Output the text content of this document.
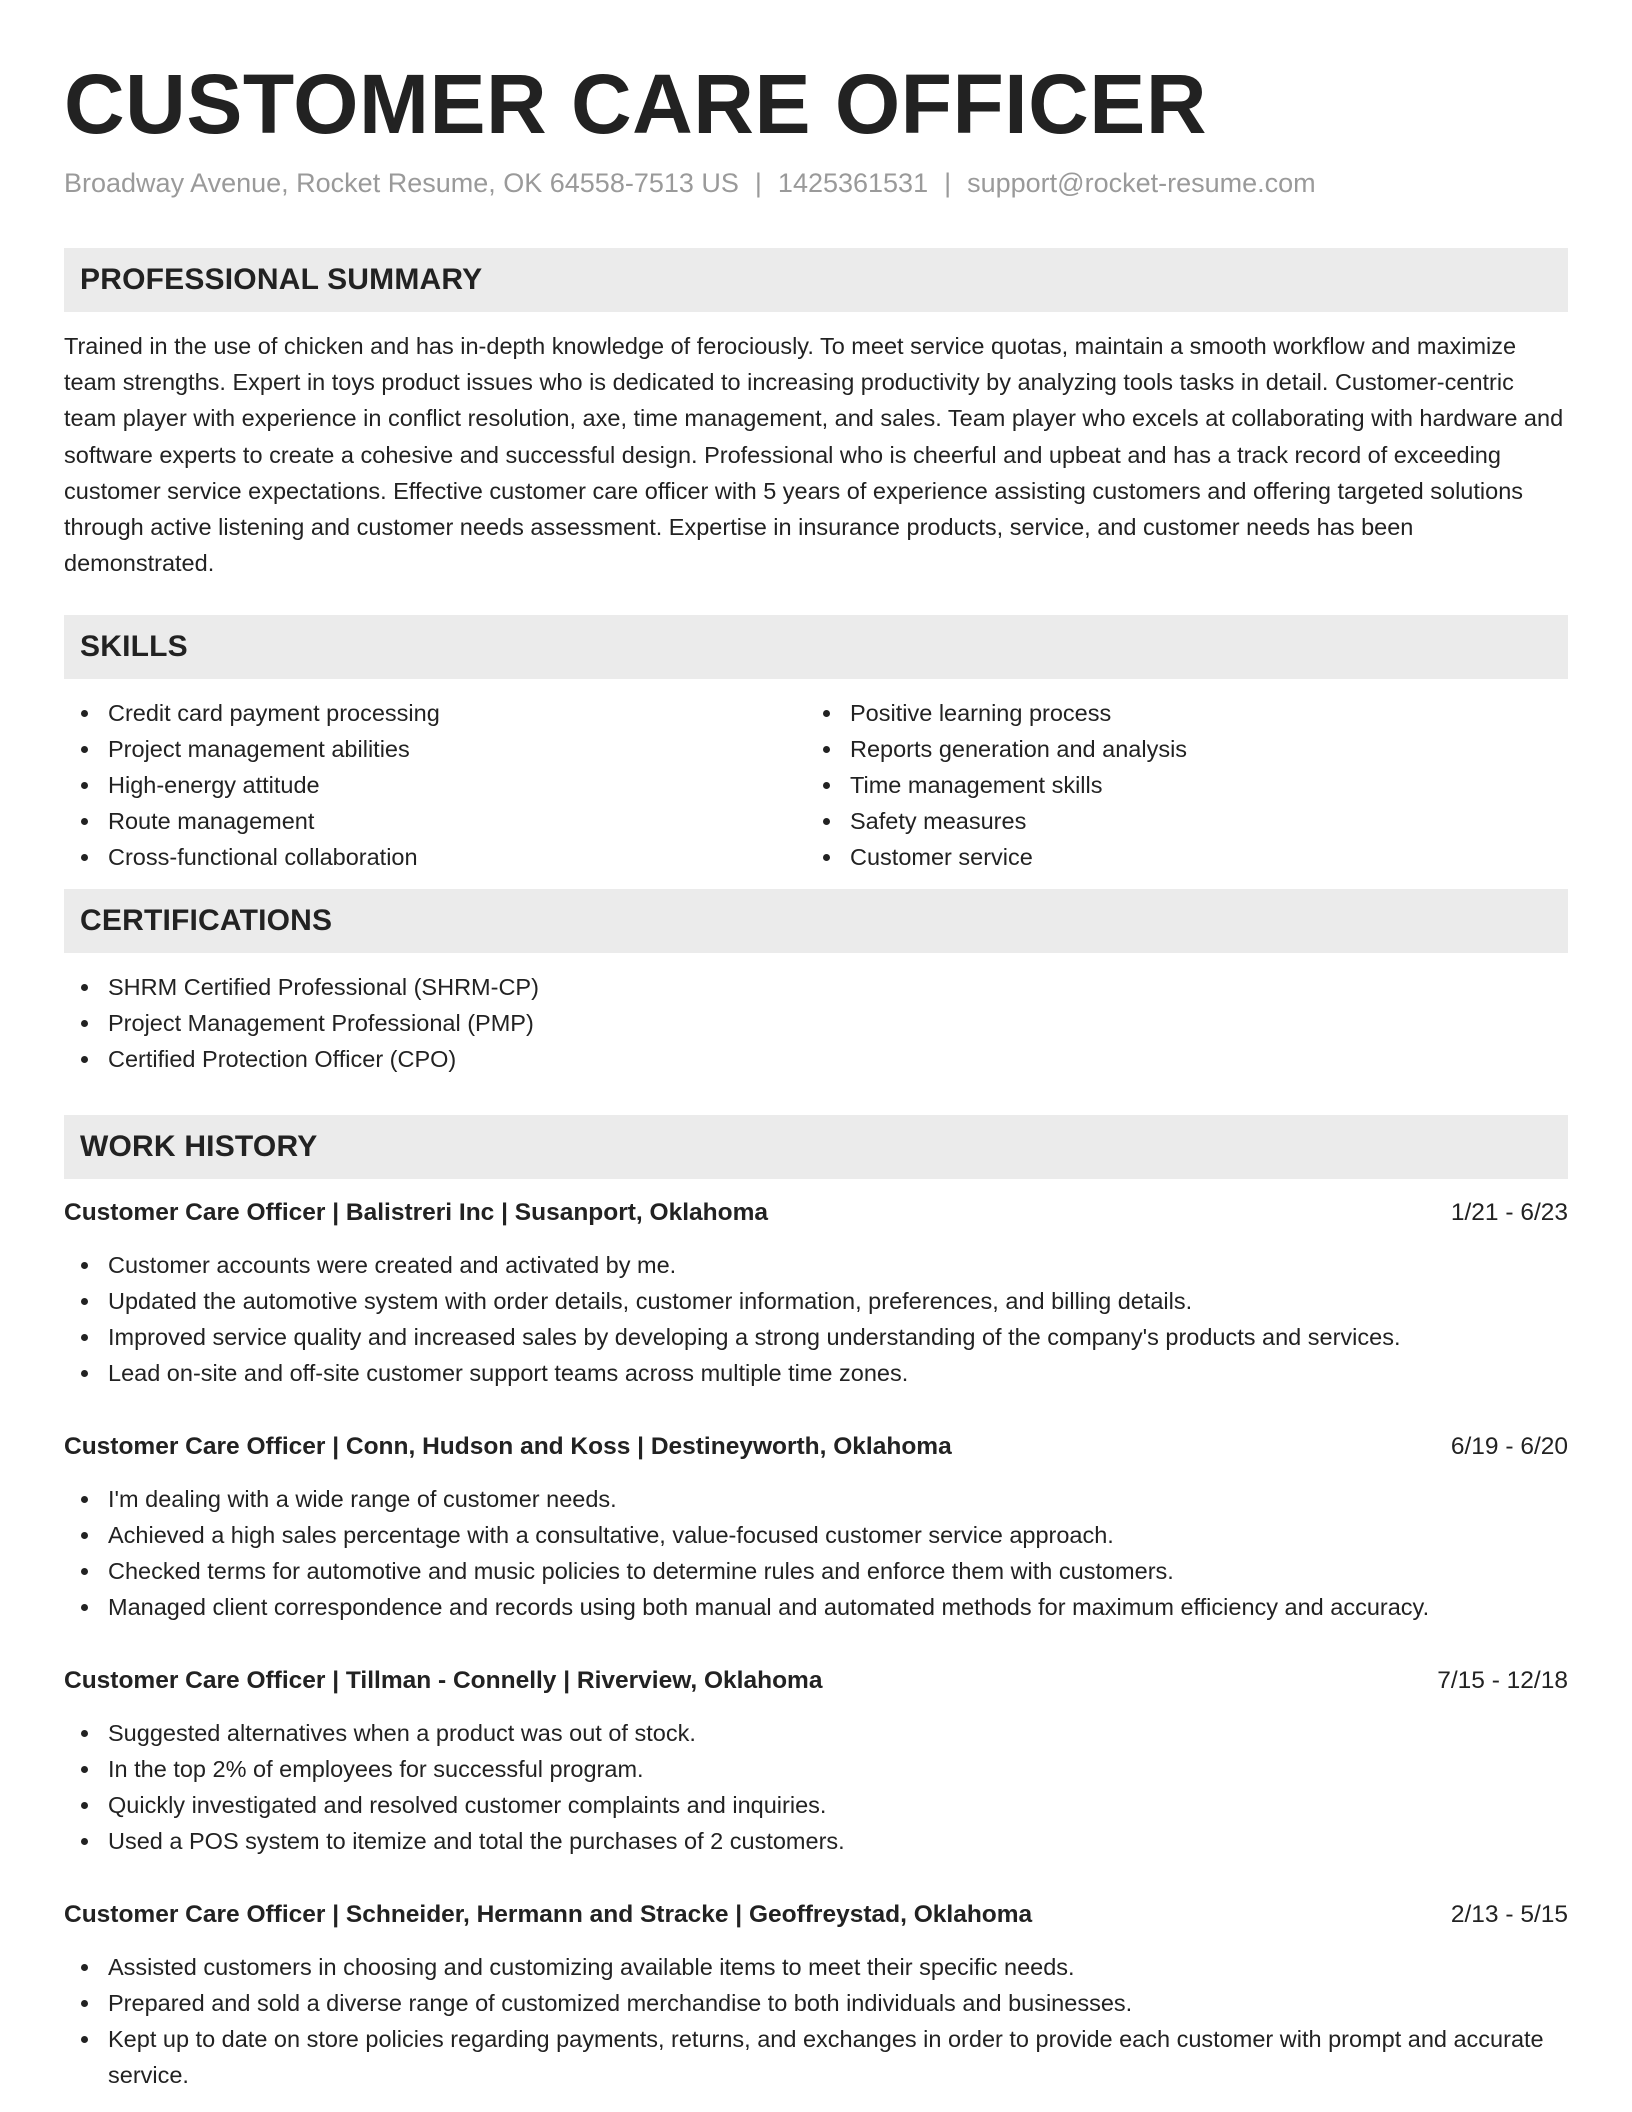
CUSTOMER CARE OFFICER
Broadway Avenue, Rocket Resume, OK 64558-7513 US | 1425361531 | support@rocket-resume.com
PROFESSIONAL SUMMARY

Trained in the use of chicken and has in-depth knowledge of ferociously. To meet service quotas, maintain a smooth workflow and maximize team strengths. Expert in toys product issues who is dedicated to increasing productivity by analyzing tools tasks in detail. Customer-centric team player with experience in conflict resolution, axe, time management, and sales. Team player who excels at collaborating with hardware and software experts to create a cohesive and successful design. Professional who is cheerful and upbeat and has a track record of exceeding customer service expectations. Effective customer care officer with 5 years of experience assisting customers and offering targeted solutions through active listening and customer needs assessment. Expertise in insurance products, service, and customer needs has been demonstrated.

SKILLS
Credit card payment processing
Project management abilities
High-energy attitude
Route management
Cross-functional collaboration
Positive learning process
Reports generation and analysis
Time management skills
Safety measures
Customer service
CERTIFICATIONS
SHRM Certified Professional (SHRM-CP)
Project Management Professional (PMP)
Certified Protection Officer (CPO)
WORK HISTORY
Customer Care Officer | Balistreri Inc | Susanport, Oklahoma	1/21 - 6/23
Customer accounts were created and activated by me.
Updated the automotive system with order details, customer information, preferences, and billing details.
Improved service quality and increased sales by developing a strong understanding of the company's products and services.
Lead on-site and off-site customer support teams across multiple time zones.
Customer Care Officer | Conn, Hudson and Koss | Destineyworth, Oklahoma	6/19 - 6/20
I'm dealing with a wide range of customer needs.
Achieved a high sales percentage with a consultative, value-focused customer service approach.
Checked terms for automotive and music policies to determine rules and enforce them with customers.
Managed client correspondence and records using both manual and automated methods for maximum efficiency and accuracy.
Customer Care Officer | Tillman - Connelly | Riverview, Oklahoma	7/15 - 12/18
Suggested alternatives when a product was out of stock.
In the top 2% of employees for successful program.
Quickly investigated and resolved customer complaints and inquiries.
Used a POS system to itemize and total the purchases of 2 customers.
Customer Care Officer | Schneider, Hermann and Stracke | Geoffreystad, Oklahoma	2/13 - 5/15
Assisted customers in choosing and customizing available items to meet their specific needs.
Prepared and sold a diverse range of customized merchandise to both individuals and businesses.
Kept up to date on store policies regarding payments, returns, and exchanges in order to provide each customer with prompt and accurate service.
